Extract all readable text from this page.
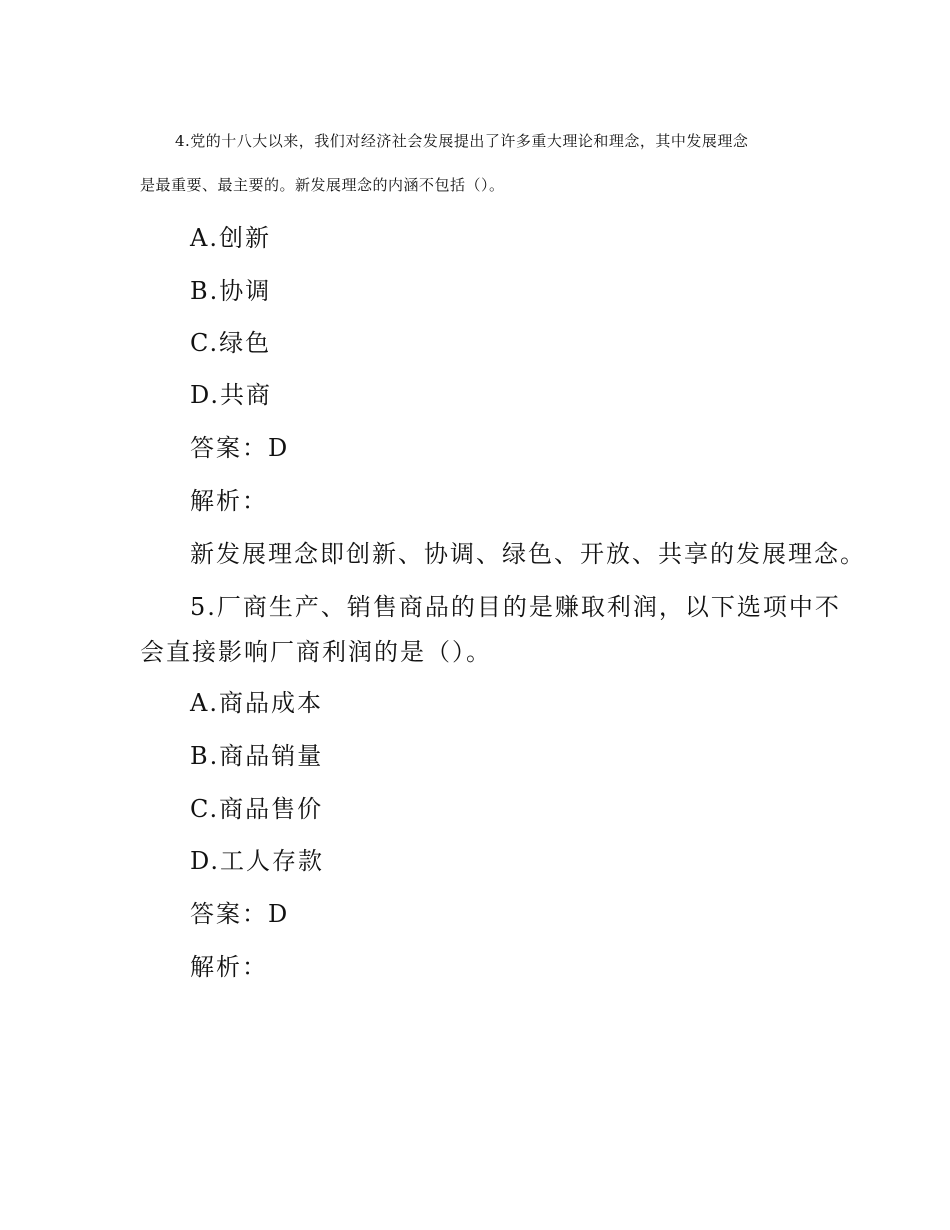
4.党的十八大以来，我们对经济社会发展提出了许多重大理论和理念，其中发展理念

是最重要、最主要的。新发展理念的内涵不包括（）。

A.创新

B.协调

C.绿色

D.共商

答案：D

解析：

新发展理念即创新、协调、绿色、开放、共享的发展理念。

5.厂商生产、销售商品的目的是赚取利润，以下选项中不

会直接影响厂商利润的是（）。

A.商品成本

B.商品销量

C.商品售价

D.工人存款

答案：D

解析：
